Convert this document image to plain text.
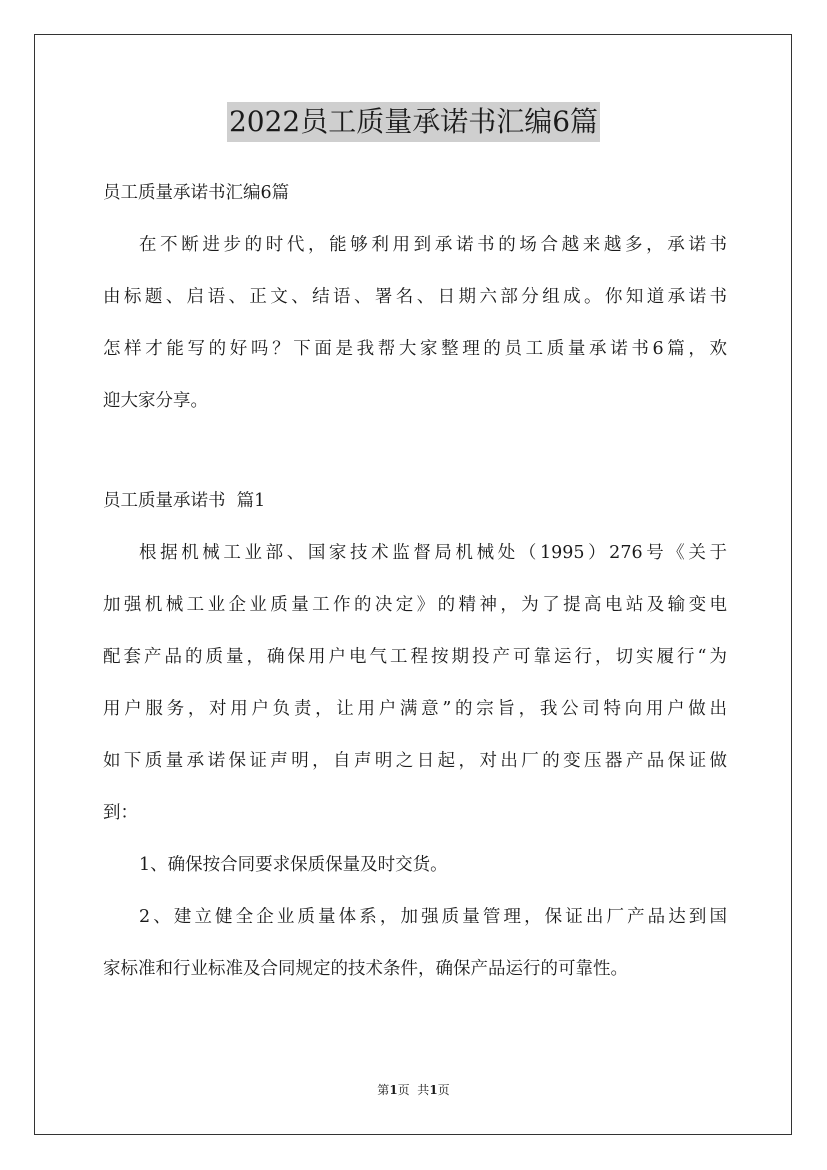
2022员工质量承诺书汇编6篇
员工质量承诺书汇编6篇
在不断进步的时代，能够利用到承诺书的场合越来越多，承诺书
由标题、启语、正文、结语、署名、日期六部分组成。你知道承诺书
怎样才能写的好吗？下面是我帮大家整理的员工质量承诺书6篇，欢
迎大家分享。
员工质量承诺书  篇1
根据机械工业部、国家技术监督局机械处（1995）276号《关于
加强机械工业企业质量工作的决定》的精神，为了提高电站及输变电
配套产品的质量，确保用户电气工程按期投产可靠运行，切实履行“为
用户服务，对用户负责，让用户满意”的宗旨，我公司特向用户做出
如下质量承诺保证声明，自声明之日起，对出厂的变压器产品保证做
到：
1、确保按合同要求保质保量及时交货。
2、建立健全企业质量体系，加强质量管理，保证出厂产品达到国
家标准和行业标准及合同规定的技术条件，确保产品运行的可靠性。
第1页  共1页
